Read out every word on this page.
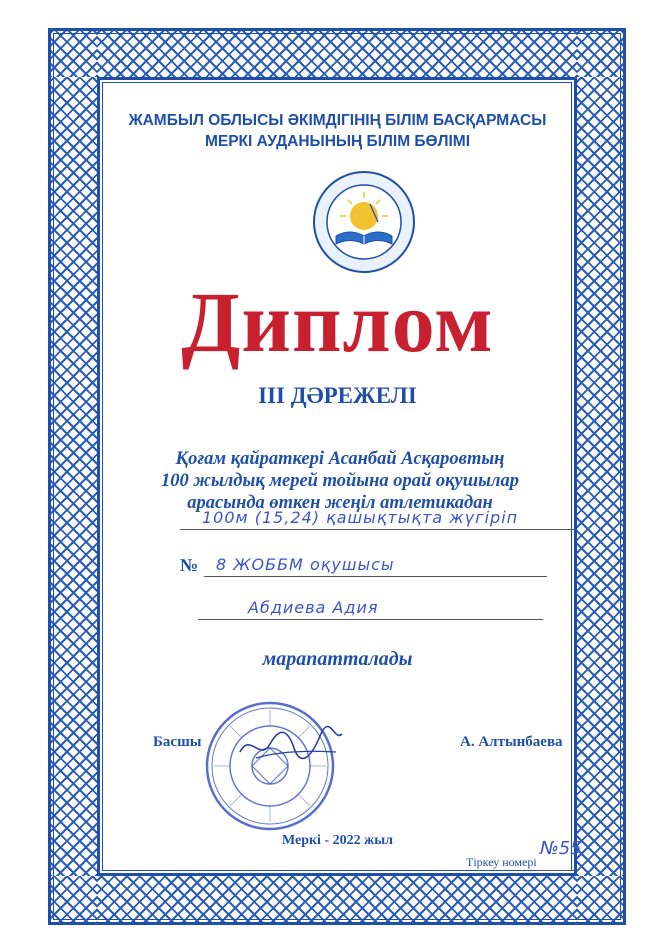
ЖАМБЫЛ ОБЛЫСЫ ӘКІМДІГІНІҢ БІЛІМ БАСҚАРМАСЫ
МЕРКІ АУДАНЫНЫҢ БІЛІМ БӨЛІМІ
Диплом
III ДӘРЕЖЕЛІ
Қоғам қайраткері Асанбай Асқаровтың
100 жылдық мерей тойына орай оқушылар
арасында өткен жеңіл атлетикадан
100м (15,24) қашықтықта жүгіріп
№	8 ЖОББМ оқушысы
Абдиева Адия
марапатталады
Басшы	А. Алтынбаева
Меркі - 2022 жыл
Тіркеу номері
№55
